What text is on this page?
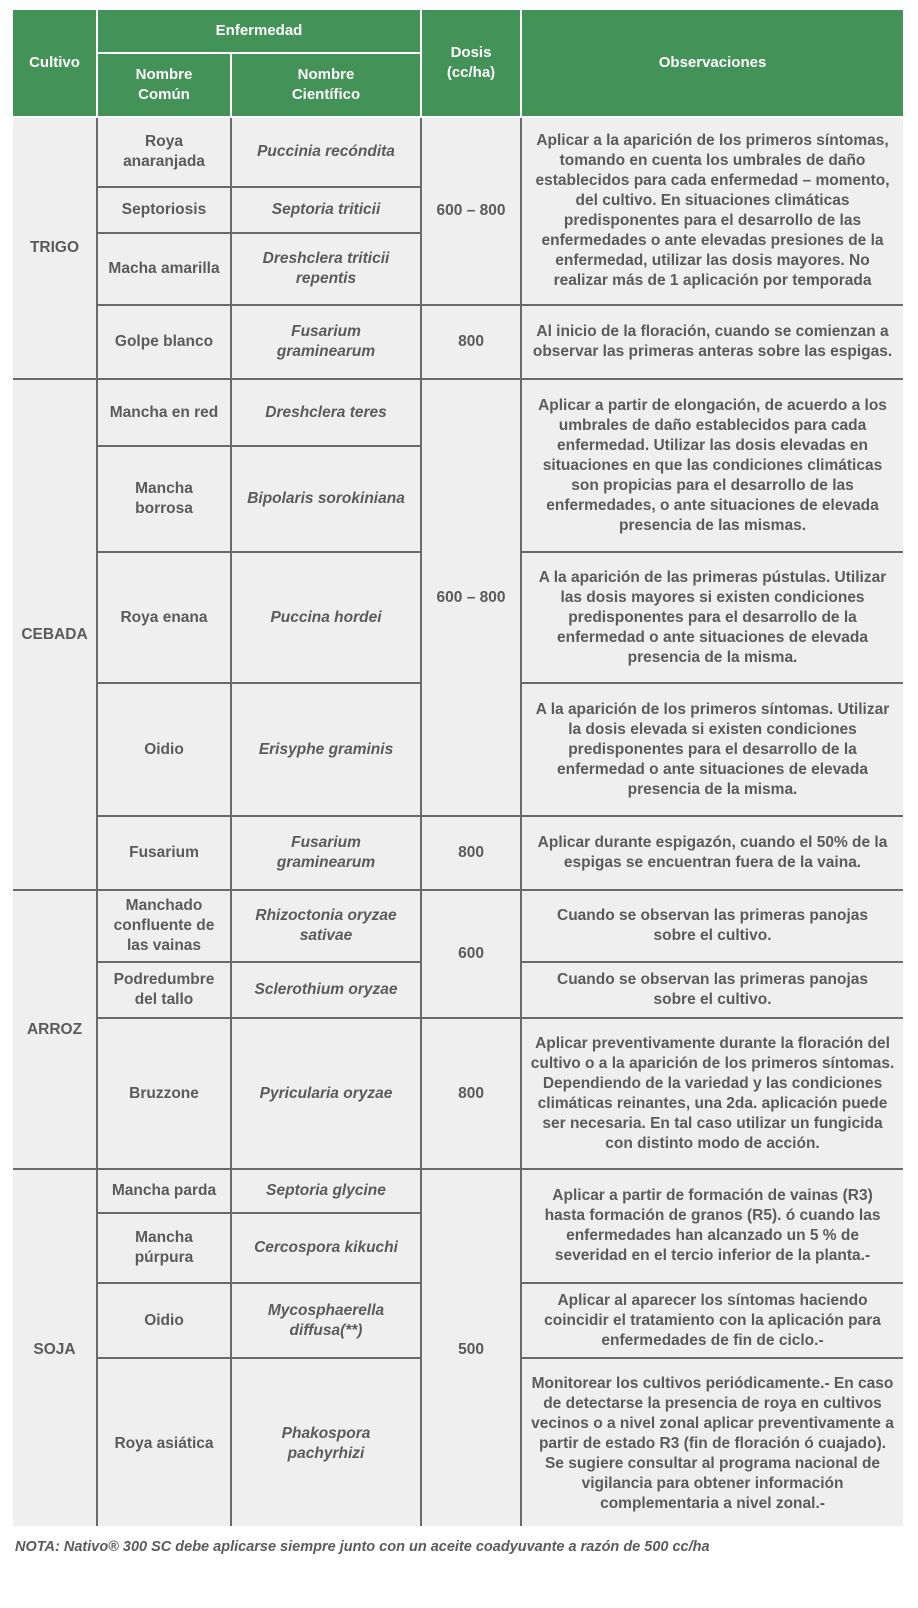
Cultivo	Enfermedad		Dosis (cc/ha)	Observaciones
	Nombre Común	Nombre Científico		
TRIGO	Roya anaranjada	Puccinia recóndita	600 – 800	Aplicar a la aparición de los primeros síntomas, tomando en cuenta los umbrales de daño establecidos para cada enfermedad – momento, del cultivo. En situaciones climáticas predisponentes para el desarrollo de las enfermedades o ante elevadas presiones de la enfermedad, utilizar las dosis mayores. No realizar más de 1 aplicación por temporada
	Septoriosis	Septoria triticii		
	Macha amarilla	Dreshclera triticii repentis		
	Golpe blanco	Fusarium graminearum	800	Al inicio de la floración, cuando se comienzan a observar las primeras anteras sobre las espigas.
CEBADA	Mancha en red	Dreshclera teres	600 – 800	Aplicar a partir de elongación, de acuerdo a los umbrales de daño establecidos para cada enfermedad. Utilizar las dosis elevadas en situaciones en que las condiciones climáticas son propicias para el desarrollo de las enfermedades, o ante situaciones de elevada presencia de las mismas.
	Mancha borrosa	Bipolaris sorokiniana		
	Roya enana	Puccina hordei		A la aparición de las primeras pústulas. Utilizar las dosis mayores si existen condiciones predisponentes para el desarrollo de la enfermedad o ante situaciones de elevada presencia de la misma.
	Oidio	Erisyphe graminis		A la aparición de los primeros síntomas. Utilizar la dosis elevada si existen condiciones predisponentes para el desarrollo de la enfermedad o ante situaciones de elevada presencia de la misma.
	Fusarium	Fusarium graminearum	800	Aplicar durante espigazón, cuando el 50% de la espigas se encuentran fuera de la vaina.
ARROZ	Manchado confluente de las vainas	Rhizoctonia oryzae sativae	600	Cuando se observan las primeras panojas sobre el cultivo.
	Podredumbre del tallo	Sclerothium oryzae		Cuando se observan las primeras panojas sobre el cultivo.
	Bruzzone	Pyricularia oryzae	800	Aplicar preventivamente durante la floración del cultivo o a la aparición de los primeros síntomas. Dependiendo de la variedad y las condiciones climáticas reinantes, una 2da. aplicación puede ser necesaria. En tal caso utilizar un fungicida con distinto modo de acción.
SOJA	Mancha parda	Septoria glycine	500	Aplicar a partir de formación de vainas (R3) hasta formación de granos (R5). ó cuando las enfermedades han alcanzado un 5 % de severidad en el tercio inferior de la planta.-
	Mancha púrpura	Cercospora kikuchi		
	Oidio	Mycosphaerella diffusa(**)		Aplicar al aparecer los síntomas haciendo coincidir el tratamiento con la aplicación para enfermedades de fin de ciclo.-
	Roya asiática	Phakospora pachyrhizi		Monitorear los cultivos periódicamente.- En caso de detectarse la presencia de roya en cultivos vecinos o a nivel zonal aplicar preventivamente a partir de estado R3 (fin de floración ó cuajado). Se sugiere consultar al programa nacional de vigilancia para obtener información complementaria a nivel zonal.-
NOTA: Nativo® 300 SC debe aplicarse siempre junto con un aceite coadyuvante a razón de 500 cc/ha
